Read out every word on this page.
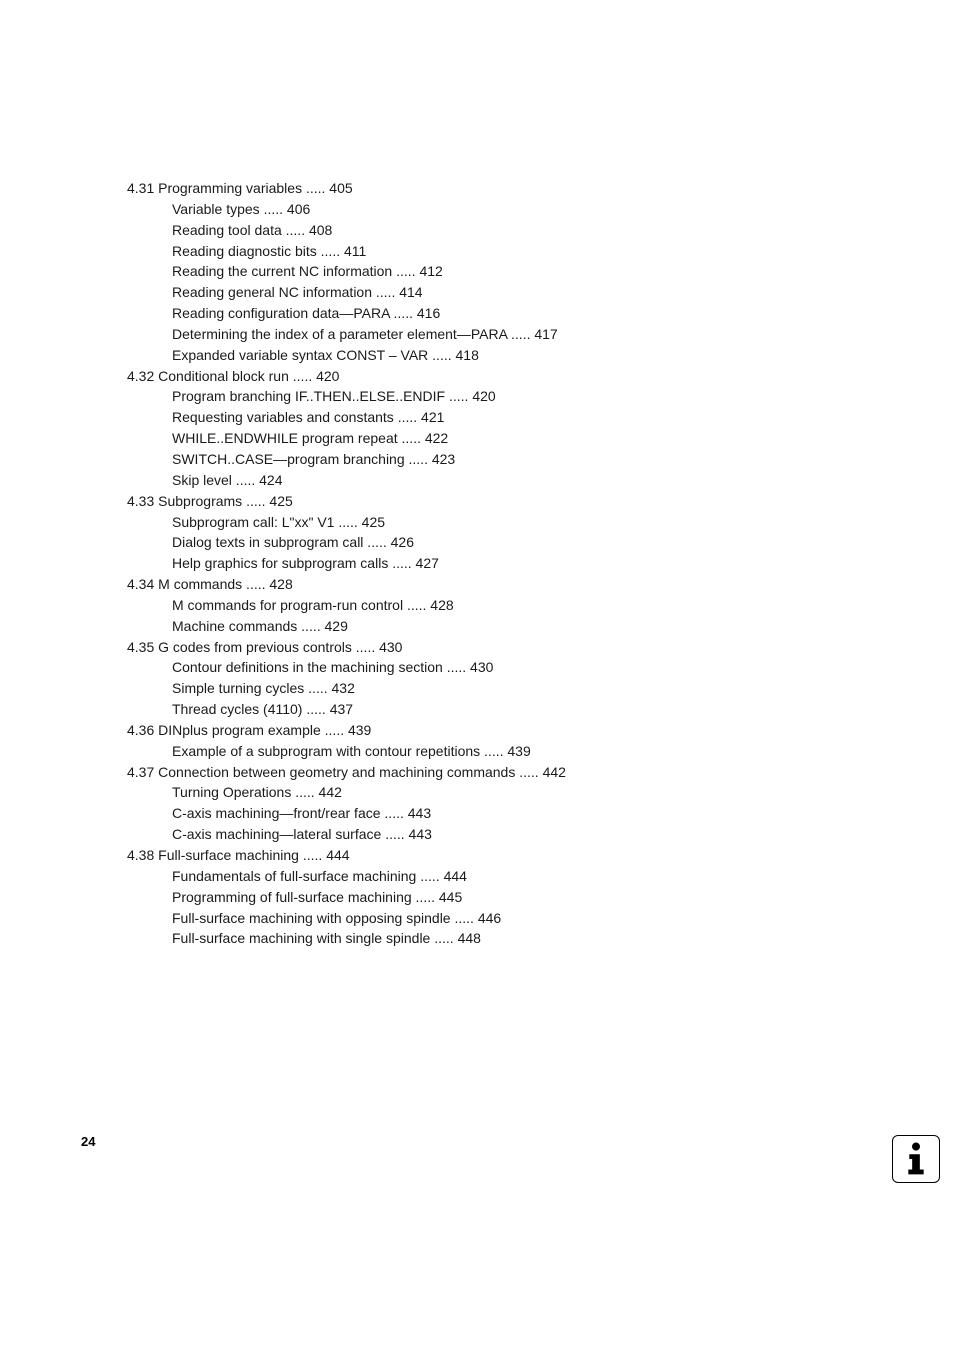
4.31 Programming variables ..... 405
Variable types ..... 406
Reading tool data ..... 408
Reading diagnostic bits ..... 411
Reading the current NC information ..... 412
Reading general NC information ..... 414
Reading configuration data—PARA ..... 416
Determining the index of a parameter element—PARA ..... 417
Expanded variable syntax CONST – VAR ..... 418
4.32 Conditional block run ..... 420
Program branching IF..THEN..ELSE..ENDIF ..... 420
Requesting variables and constants ..... 421
WHILE..ENDWHILE program repeat ..... 422
SWITCH..CASE—program branching ..... 423
Skip level ..... 424
4.33 Subprograms ..... 425
Subprogram call: L"xx" V1 ..... 425
Dialog texts in subprogram call ..... 426
Help graphics for subprogram calls ..... 427
4.34 M commands ..... 428
M commands for program-run control ..... 428
Machine commands ..... 429
4.35 G codes from previous controls ..... 430
Contour definitions in the machining section ..... 430
Simple turning cycles ..... 432
Thread cycles (4110) ..... 437
4.36 DINplus program example ..... 439
Example of a subprogram with contour repetitions ..... 439
4.37 Connection between geometry and machining commands ..... 442
Turning Operations ..... 442
C-axis machining—front/rear face ..... 443
C-axis machining—lateral surface ..... 443
4.38 Full-surface machining ..... 444
Fundamentals of full-surface machining ..... 444
Programming of full-surface machining ..... 445
Full-surface machining with opposing spindle ..... 446
Full-surface machining with single spindle ..... 448
24
